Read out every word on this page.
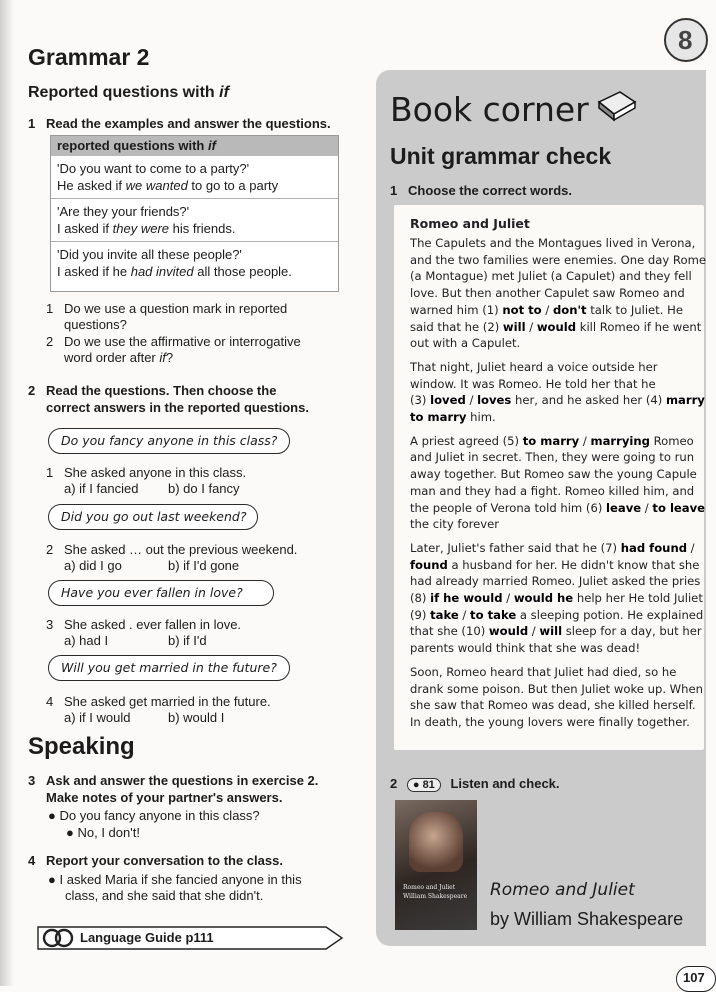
Grammar 2
Reported questions with if
1 Read the examples and answer the questions.
reported questions with if
'Do you want to come to a party?'
He asked if we wanted to go to a party
'Are they your friends?'
I asked if they were his friends.
'Did you invite all these people?'
I asked if he had invited all those people.
1 Do we use a question mark in reported
questions?
2 Do we use the affirmative or interrogative
word order after if?
2 Read the questions. Then choose the
correct answers in the reported questions.
Do you fancy anyone in this class?
1 She asked anyone in this class.
a) if I fancied b) do I fancy
Did you go out last weekend?
2 She asked … out the previous weekend.
a) did I go	b) if I'd gone
Have you ever fallen in love?
3 She asked . ever fallen in love.
a) had I	b) if I'd
Will you get married in the future?
4 She asked get married in the future.
a) if I would	b) would I
Speaking
3 Ask and answer the questions in exercise 2.
Make notes of your partner's answers.
● Do you fancy anyone in this class?
● No, I don't!
4 Report your conversation to the class.
● I asked Maria if she fancied anyone in this
class, and she said that she didn't.
Language Guide p111
8
Book corner
Unit grammar check
1 Choose the correct words.
Romeo and Juliet
The Capulets and the Montagues lived in Verona,
and the two families were enemies. One day Rome
(a Montague) met Juliet (a Capulet) and they fell
love. But then another Capulet saw Romeo and
warned him (1) not to / don't talk to Juliet. He
said that he (2) will / would kill Romeo if he went
out with a Capulet.
That night, Juliet heard a voice outside her
window. It was Romeo. He told her that he
(3) loved / loves her, and he asked her (4) marry
to marry him.
A priest agreed (5) to marry / marrying Romeo
and Juliet in secret. Then, they were going to run
away together. But Romeo saw the young Capule
man and they had a fight. Romeo killed him, and
the people of Verona told him (6) leave / to leave
the city forever
Later, Juliet's father said that he (7) had found /
found a husband for her. He didn't know that she
had already married Romeo. Juliet asked the pries
(8) if he would / would he help her He told Juliet
(9) take / to take a sleeping potion. He explained
that she (10) would / will sleep for a day, but her
parents would think that she was dead!
Soon, Romeo heard that Juliet had died, so he
drank some poison. But then Juliet woke up. When
she saw that Romeo was dead, she killed herself.
In death, the young lovers were finally together.
2 ● 81 Listen and check.
Romeo and Juliet
William Shakespeare Romeo and Juliet
by William Shakespeare
107
